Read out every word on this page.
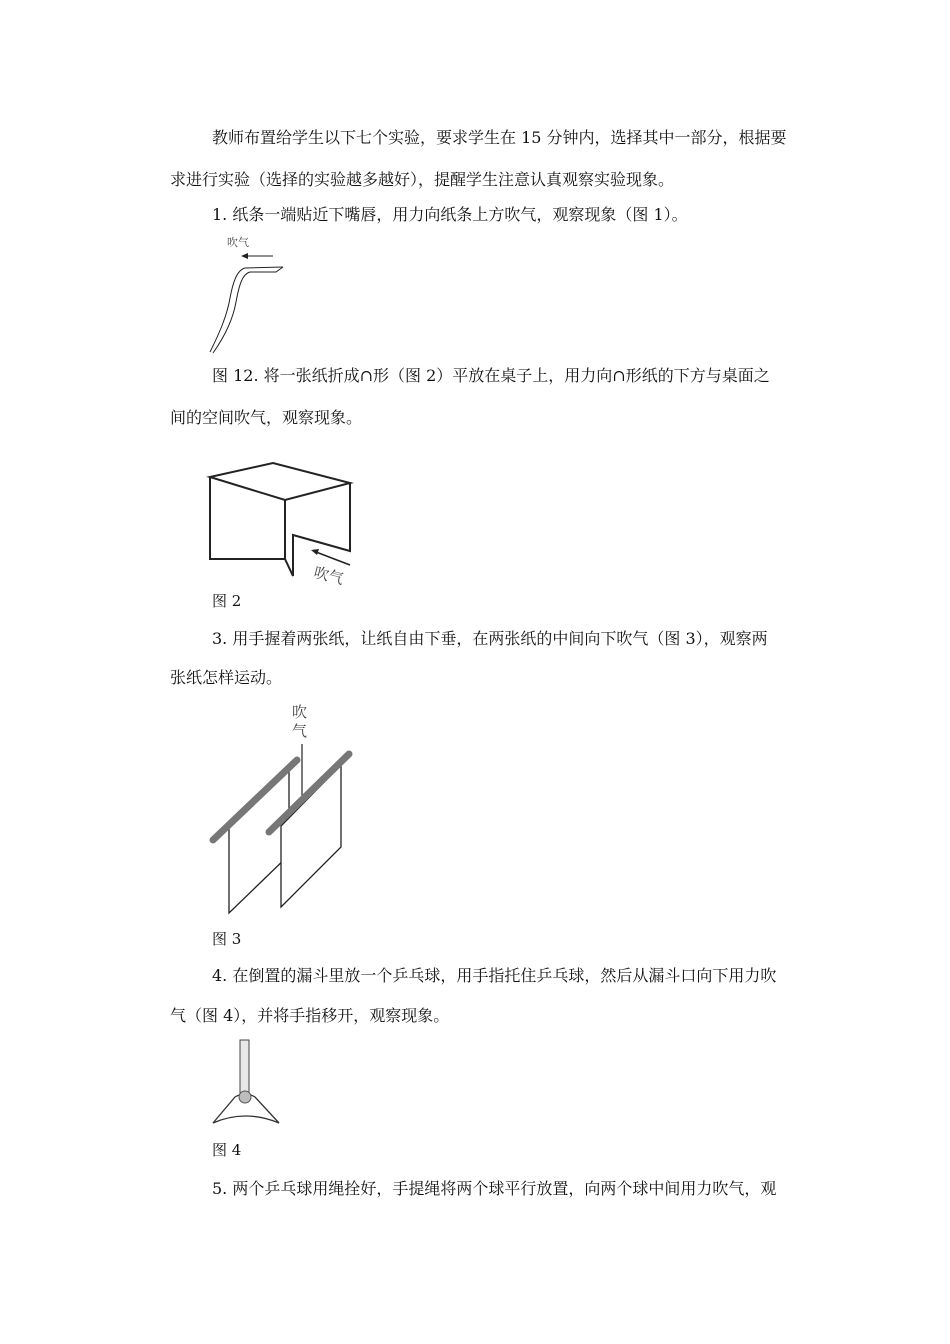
教师布置给学生以下七个实验，要求学生在 15 分钟内，选择其中一部分，根据要
求进行实验（选择的实验越多越好），提醒学生注意认真观察实验现象。
1. 纸条一端贴近下嘴唇，用力向纸条上方吹气，观察现象（图 1）。
吹气
图 12. 将一张纸折成∩形（图 2）平放在桌子上，用力向∩形纸的下方与桌面之
间的空间吹气，观察现象。
吹气
图 2
3. 用手握着两张纸，让纸自由下垂，在两张纸的中间向下吹气（图 3），观察两
张纸怎样运动。
吹
气
图 3
4. 在倒置的漏斗里放一个乒乓球，用手指托住乒乓球，然后从漏斗口向下用力吹
气（图 4），并将手指移开，观察现象。
图 4
5. 两个乒乓球用绳拴好，手提绳将两个球平行放置，向两个球中间用力吹气，观
